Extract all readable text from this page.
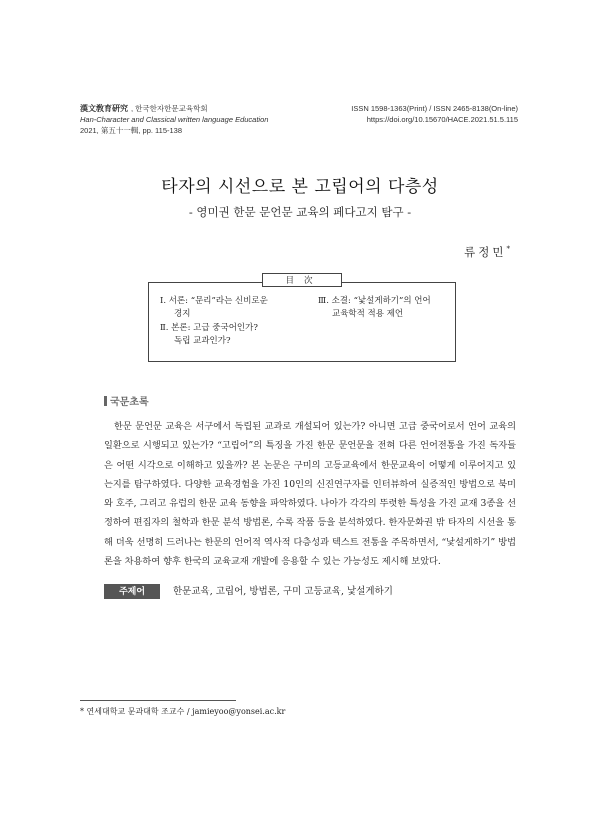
漢文敎育硏究 , 한국한자한문교육학회
Han-Character and Classical written language Education
2021, 第五十一輯, pp. 115-138
ISSN 1598-1363(Print) / ISSN 2465-8138(On-line)
https://doi.org/10.15670/HACE.2021.51.5.115
타자의 시선으로 본 고립어의 다층성
- 영미권 한문 문언문 교육의 페다고지 탐구 -
류정민*
目次
Ⅰ. 서론: “문리”라는 신비로운
경지
Ⅱ. 본론: 고급 중국어인가?
독립 교과인가?
Ⅲ. 소결: “낯설게하기”의 언어
교육학적 적용 제언
국문초록
한문 문언문 교육은 서구에서 독립된 교과로 개설되어 있는가? 아니면 고급 중국어로서 언어 교육의 일환으로 시행되고 있는가? “고립어”의 특징을 가진 한문 문언문을 전혀 다른 언어전통을 가진 독자들은 어떤 시각으로 이해하고 있을까? 본 논문은 구미의 고등교육에서 한문교육이 어떻게 이루어지고 있는지를 탐구하였다. 다양한 교육경험을 가진 10인의 신진연구자를 인터뷰하여 실증적인 방법으로 북미와 호주, 그리고 유럽의 한문 교육 동향을 파악하였다. 나아가 각각의 뚜렷한 특성을 가진 교재 3종을 선정하여 편집자의 철학과 한문 분석 방법론, 수록 작품 등을 분석하였다. 한자문화권 밖 타자의 시선을 통해 더욱 선명히 드러나는 한문의 언어적 역사적 다층성과 텍스트 전통을 주목하면서, “낯설게하기” 방법론을 차용하여 향후 한국의 교육교재 개발에 응용할 수 있는 가능성도 제시해 보았다.
주제어	한문교육, 고립어, 방법론, 구미 고등교육, 낯설게하기
* 연세대학교 문과대학 조교수 / jamieyoo@yonsei.ac.kr
